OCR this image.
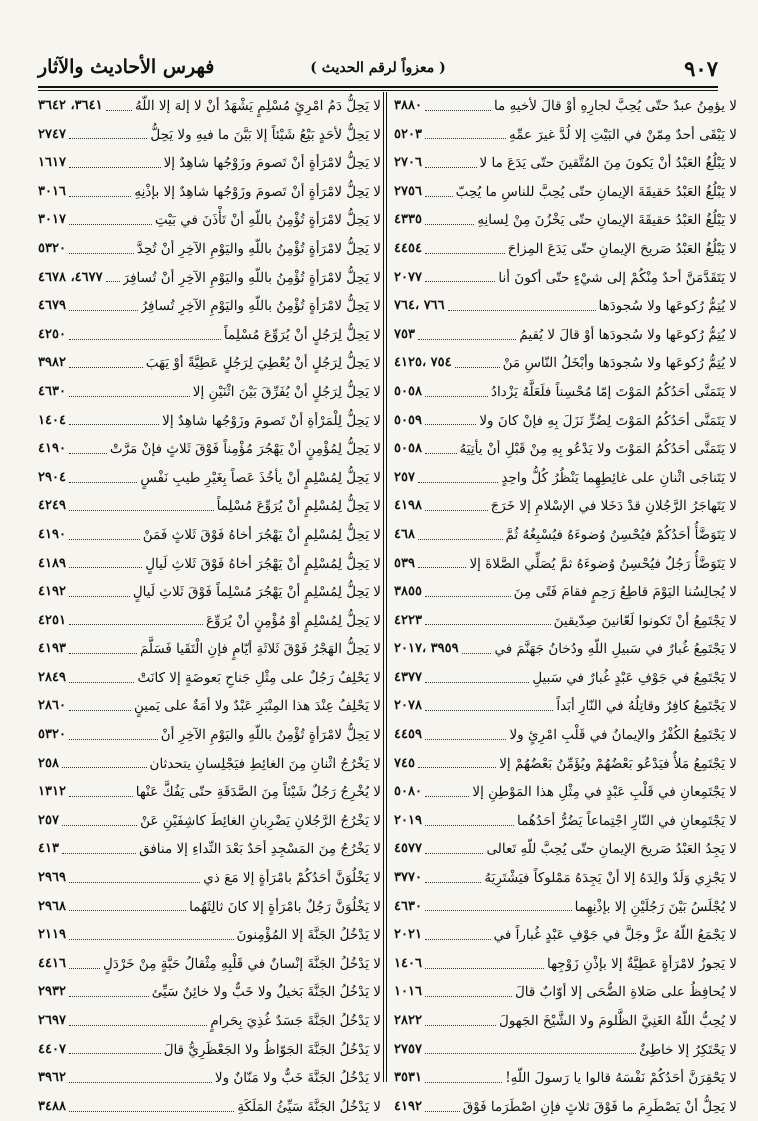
٩٠٧
( معزواً لرقم الحديث )
فهرس الأحاديث والآثار
لا يؤمِنُ عبدٌ حتّى يُحِبَّ لجارِهِ أوْ قالَ لأخيهِ ما
٣٨٨٠
لا يَبْقَى أحدٌ مِمّنْ في البَيْتِ إلا لُدَّ غيرَ عمِّهِ
٥٢٠٣
لا يَبْلُغُ العَبْدُ أنْ يَكونَ مِنَ المُتَّقينَ حتّى يَدَعَ ما لا
٢٧٠٦
لا يَبْلُغُ العَبْدُ حَقيقَةَ الإيمانِ حتّى يُحِبَّ للناسِ ما يُحِبّ
٢٧٥٦
لا يَبْلُغُ العَبْدُ حَقيقَةَ الإيمانِ حتّى يَخْزُنَ مِنْ لِسانِهِ
٤٣٣٥
لا يَبْلُغُ العَبْدُ صَريحَ الإيمانِ حتّى يَدَعَ المِزاحَ
٤٤٥٤
لا يَتَقَدَّمَنَّ أحدٌ مِنْكُمْ إلى شيْءٍ حتّى أكونَ أنا
٢٠٧٧
لا يُتِمُّ رُكوعَها ولا سُجودَها
٧٦٦ ،٧٦٤
لا يُتِمُّ رُكوعَها ولا سُجودَها أوْ قالَ لا يُقيمُ
٧٥٣
لا يُتِمُّ رُكوعَها ولا سُجودَها وأبْخَلُ النّاسِ مَنْ
٧٥٤ ،٤١٢٥
لا يَتَمَنَّى أحَدُكُمُ المَوْتَ إمّا مُحْسِناً فلَعَلَّهُ يَزْدادُ
٥٠٥٨
لا يَتَمَنَّى أحَدُكُمُ المَوْتَ لِضُرٍّ نَزَلَ بِهِ فإنْ كانَ ولا
٥٠٥٩
لا يَتَمَنَّى أحَدُكُمُ المَوْتَ ولا يَدْعُو بِهِ مِنْ قَبْلِ أنْ يأتِيَهُ
٥٠٥٨
لا يَتَناجَى اثْنانِ على غائِطِهِما يَنْظُرُ كُلُّ واحِدٍ
٢٥٧
لا يَتَهاجَرُ الرَّجُلانِ قدْ دَخَلا في الإسْلامِ إلا خَرَجَ
٤١٩٨
لا يَتَوَضَّأُ أحَدُكُمْ فيُحْسِنُ وُضوءَهُ فيُسْبِغُهُ ثُمَّ
٤٦٨
لا يَتَوَضَّأُ رَجُلٌ فيُحْسِنُ وُضوءَهُ ثمَّ يُصَلِّي الصَّلاةَ إلا
٥٣٩
لا يُجالِسُنا اليَوْمَ قاطِعُ رَحِمٍ فقامَ فَتًى مِنَ
٣٨٥٥
لا يَجْتَمِعُ أنْ تَكونوا لَعّانينَ صِدّيقينَ
٤٢٢٣
لا يَجْتَمِعُ غُبارٌ في سَبيلِ اللّهِ ودُخانُ جَهَنَّمَ في
٣٩٥٩ ،٢٠١٧
لا يَجْتَمِعُ في جَوْفِ عَبْدٍ غُبارٌ في سَبيلِ
٤٣٧٧
لا يَجْتَمِعُ كافِرٌ وقاتِلُهُ في النّارِ أبَداً
٢٠٧٨
لا يَجْتَمِعُ الكُفْرُ والإيمانُ في قَلْبِ امْرِئٍ ولا
٤٤٥٩
لا يَجْتَمِعُ مَلأٌ فيَدْعُو بَعْضُهُمْ ويُؤَمِّنُ بَعْضُهُمْ إلا
٧٤٥
لا يَجْتَمِعانِ في قَلْبِ عَبْدٍ في مِثْلِ هذا المَوْطِنِ إلا
٥٠٨٠
لا يَجْتَمِعانِ في النّارِ اجْتِماعاً يَضُرُّ أحَدُهُما
٢٠١٩
لا يَجِدُ العَبْدُ صَريحَ الإيمانِ حتّى يُحِبَّ للّهِ تَعالى
٤٥٧٧
لا يَجْزِي وَلَدٌ والِدَهُ إلا أنْ يَجِدَهُ مَمْلوكاً فيَشْتَرِيَهُ
٣٧٧٠
لا يُجْلَسُ بَيْنَ رَجُلَيْنِ إلا بإذْنِهِما
٤٦٣٠
لا يَجْمَعُ اللّهُ عزَّ وجَلَّ في جَوْفِ عَبْدٍ غُباراً في
٢٠٢١
لا يَجوزُ لامْرَأةٍ عَطِيَّةٌ إلا بإذْنِ زَوْجِها
١٤٠٦
لا يُحافِظُ على صَلاةِ الضُّحَى إلا أوّابٌ قالَ
١٠١٦
لا يُحِبُّ اللّهُ الغَنِيَّ الظَّلومَ ولا الشَّيْخَ الجَهولَ
٢٨٢٢
لا يَحْتَكِرُ إلا خاطِئٌ
٢٧٥٧
لا يَحْقِرَنَّ أحَدُكُمْ نَفْسَهُ قالوا يا رَسولَ اللّهِ!
٣٥٣١
لا يَحِلُّ أنْ يَصْطَرِمَ ما فَوْقَ ثلاثٍ فإنِ اصْطَرَما فَوْقَ
٤١٩٢
لا يَحِلُّ دَمُ امْرِئٍ مُسْلِمٍ يَشْهَدُ أنْ لا إلهَ إلا اللّهُ
٣٦٤١، ٣٦٤٢
لا يَحِلُّ لأحَدٍ بَيْعُ شَيْئاً إلا بَيَّنَ ما فيهِ ولا يَحِلُّ
٢٧٤٧
لا يَحِلُّ لامْرَأةٍ أنْ تَصومَ وزَوْجُها شاهِدٌ إلا
١٦١٧
لا يَحِلُّ لامْرَأةٍ أنْ تَصومَ وزَوْجُها شاهِدٌ إلا بإذْنِهِ
٣٠١٦
لا يَحِلُّ لامْرَأةٍ تُؤْمِنُ باللّهِ أنْ تَأْذَنَ في بَيْتِ
٣٠١٧
لا يَحِلُّ لامْرَأةٍ تُؤْمِنُ باللّهِ واليَوْمِ الآخِرِ أنْ تُحِدَّ
٥٣٢٠
لا يَحِلُّ لامْرَأةٍ تُؤْمِنُ باللّهِ واليَوْمِ الآخِرِ أنْ تُسافِرَ
٤٦٧٧، ٤٦٧٨
لا يَحِلُّ لامْرَأةٍ تُؤْمِنُ باللّهِ واليَوْمِ الآخِرِ تُسافِرُ
٤٦٧٩
لا يَحِلُّ لِرَجُلٍ أنْ يُرَوِّعَ مُسْلِماً
٤٢٥٠
لا يَحِلُّ لِرَجُلٍ أنْ يُعْطِيَ لِرَجُلٍ عَطِيَّةً أوْ يَهَبَ
٣٩٨٢
لا يَحِلُّ لِرَجُلٍ أنْ يُفَرِّقَ بَيْنَ اثْنَيْنِ إلا
٤٦٣٠
لا يَحِلُّ لِلْمَرْأةِ أنْ تَصومَ وزَوْجُها شاهِدٌ إلا
١٤٠٤
لا يَحِلُّ لِمُؤْمِنٍ أنْ يَهْجُرَ مُؤْمِناً فَوْقَ ثَلاثٍ فإنْ مَرَّتْ
٤١٩٠
لا يَحِلُّ لِمُسْلِمٍ أنْ يأخُذَ عَصاً بِغَيْرِ طيبِ نَفْسٍ
٢٩٠٤
لا يَحِلُّ لِمُسْلِمٍ أنْ يُرَوِّعَ مُسْلِماً
٤٢٤٩
لا يَحِلُّ لِمُسْلِمٍ أنْ يَهْجُرَ أخاهُ فَوْقَ ثَلاثٍ فَمَنْ
٤١٩٠
لا يَحِلُّ لِمُسْلِمٍ أنْ يَهْجُرَ أخاهُ فَوْقَ ثَلاثِ لَيالٍ
٤١٨٩
لا يَحِلُّ لِمُسْلِمٍ أنْ يَهْجُرَ مُسْلِماً فَوْقَ ثَلاثِ لَيالٍ
٤١٩٢
لا يَحِلُّ لِمُسْلِمٍ أوْ مُؤْمِنٍ أنْ يُرَوِّعَ
٤٢٥١
لا يَحِلُّ الهَجْرُ فَوْقَ ثَلاثَةِ أيّامٍ فإنِ الْتَقَيا فَسَلَّمَ
٤١٩٣
لا يَحْلِفُ رَجُلٌ على مِثْلِ جَناحِ بَعوضَةٍ إلا كانَتْ
٢٨٤٩
لا يَحْلِفُ عِنْدَ هذا المِنْبَرِ عَبْدٌ ولا أمَةٌ على يَمينٍ
٢٨٦٠
لا يَحِلُّ لامْرَأةٍ تُؤْمِنُ باللّهِ واليَوْمِ الآخِرِ أنْ
٥٣٢٠
لا يَخْرُجُ اثْنانِ مِنَ الغائِطِ فيَجْلِسانِ يتحدثان
٢٥٨
لا يُخْرِجُ رَجُلٌ شَيْئاً مِنَ الصَّدَقَةِ حتّى يَفُكَّ عَنْها
١٣١٢
لا يَخْرُجُ الرَّجُلانِ يَضْرِبانِ الغائِطَ كاشِفَيْنِ عَنْ
٢٥٧
لا يَخْرُجُ مِنَ المَسْجِدِ أحَدٌ بَعْدَ النِّداءِ إلا منافق
٤١٣
لا يَخْلُوَنَّ أحَدُكُمْ بامْرَأةٍ إلا مَعَ ذي
٢٩٦٩
لا يَخْلُوَنَّ رَجُلٌ بامْرَأةٍ إلا كانَ ثالِثَهُما
٢٩٦٨
لا يَدْخُلُ الجَنَّةَ إلا المُؤْمِنونَ
٢١١٩
لا يَدْخُلُ الجَنَّةَ إنْسانٌ في قَلْبِهِ مِثْقالُ حَبَّةٍ مِنْ خَرْدَلٍ
٤٤١٦
لا يَدْخُلُ الجَنَّةَ بَخيلٌ ولا خَبٌّ ولا خائِنٌ سَيِّئ
٢٩٣٢
لا يَدْخُلُ الجَنَّةَ جَسَدٌ غُذِيَ بِحَرامٍ
٢٦٩٧
لا يَدْخُلُ الجَنَّةَ الجَوّاظُ ولا الجَعْظَرِيُّ قالَ
٤٤٠٧
لا يَدْخُلُ الجَنَّةَ خَبٌّ ولا مَنّانٌ ولا
٣٩٦٢
لا يَدْخُلُ الجَنَّةَ سَيِّئُ المَلَكَةِ
٣٤٨٨
